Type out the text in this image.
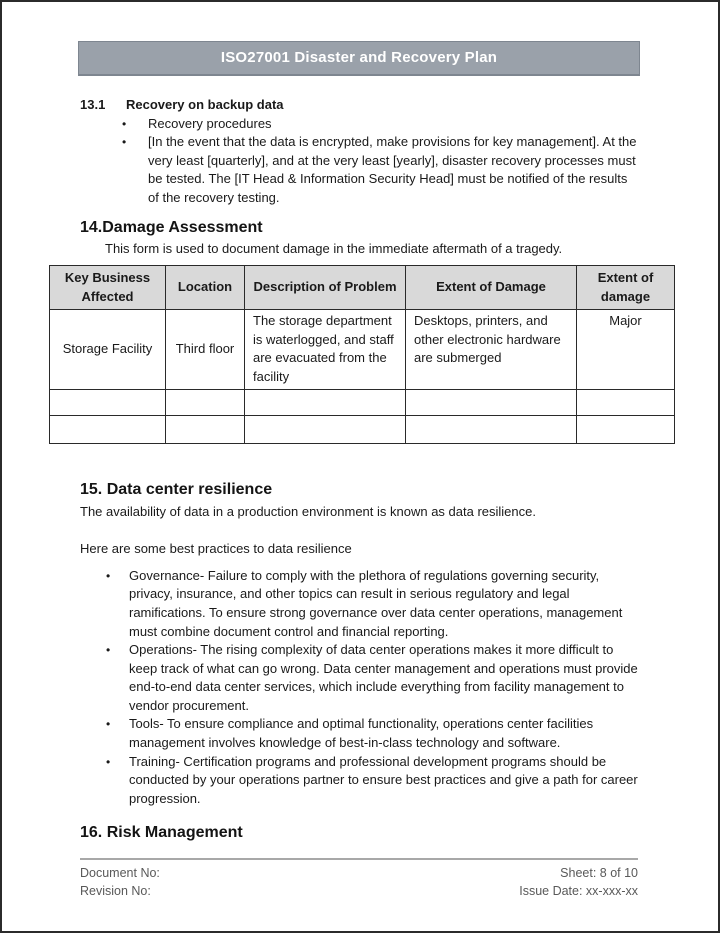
ISO27001 Disaster and Recovery Plan
13.1	Recovery on backup data
•	Recovery procedures
•	[In the event that the data is encrypted, make provisions for key management]. At the very least [quarterly], and at the very least [yearly], disaster recovery processes must be tested. The [IT Head & Information Security Head] must be notified of the results of the recovery testing.
14.Damage Assessment
This form is used to document damage in the immediate aftermath of a tragedy.
Key Business Affected	Location	Description of Problem	Extent of Damage	Extent of damage
Storage Facility	Third floor	The storage department is waterlogged, and staff are evacuated from the facility	Desktops, printers, and other electronic hardware are submerged	Major

15. Data center resilience
The availability of data in a production environment is known as data resilience.
Here are some best practices to data resilience
•	Governance- Failure to comply with the plethora of regulations governing security, privacy, insurance, and other topics can result in serious regulatory and legal ramifications. To ensure strong governance over data center operations, management must combine document control and financial reporting.
•	Operations- The rising complexity of data center operations makes it more difficult to keep track of what can go wrong. Data center management and operations must provide end-to-end data center services, which include everything from facility management to vendor procurement.
•	Tools- To ensure compliance and optimal functionality, operations center facilities management involves knowledge of best-in-class technology and software.
•	Training- Certification programs and professional development programs should be conducted by your operations partner to ensure best practices and give a path for career progression.
16. Risk Management
Document No:
Revision No:
Sheet: 8 of 10
Issue Date: xx-xxx-xx
